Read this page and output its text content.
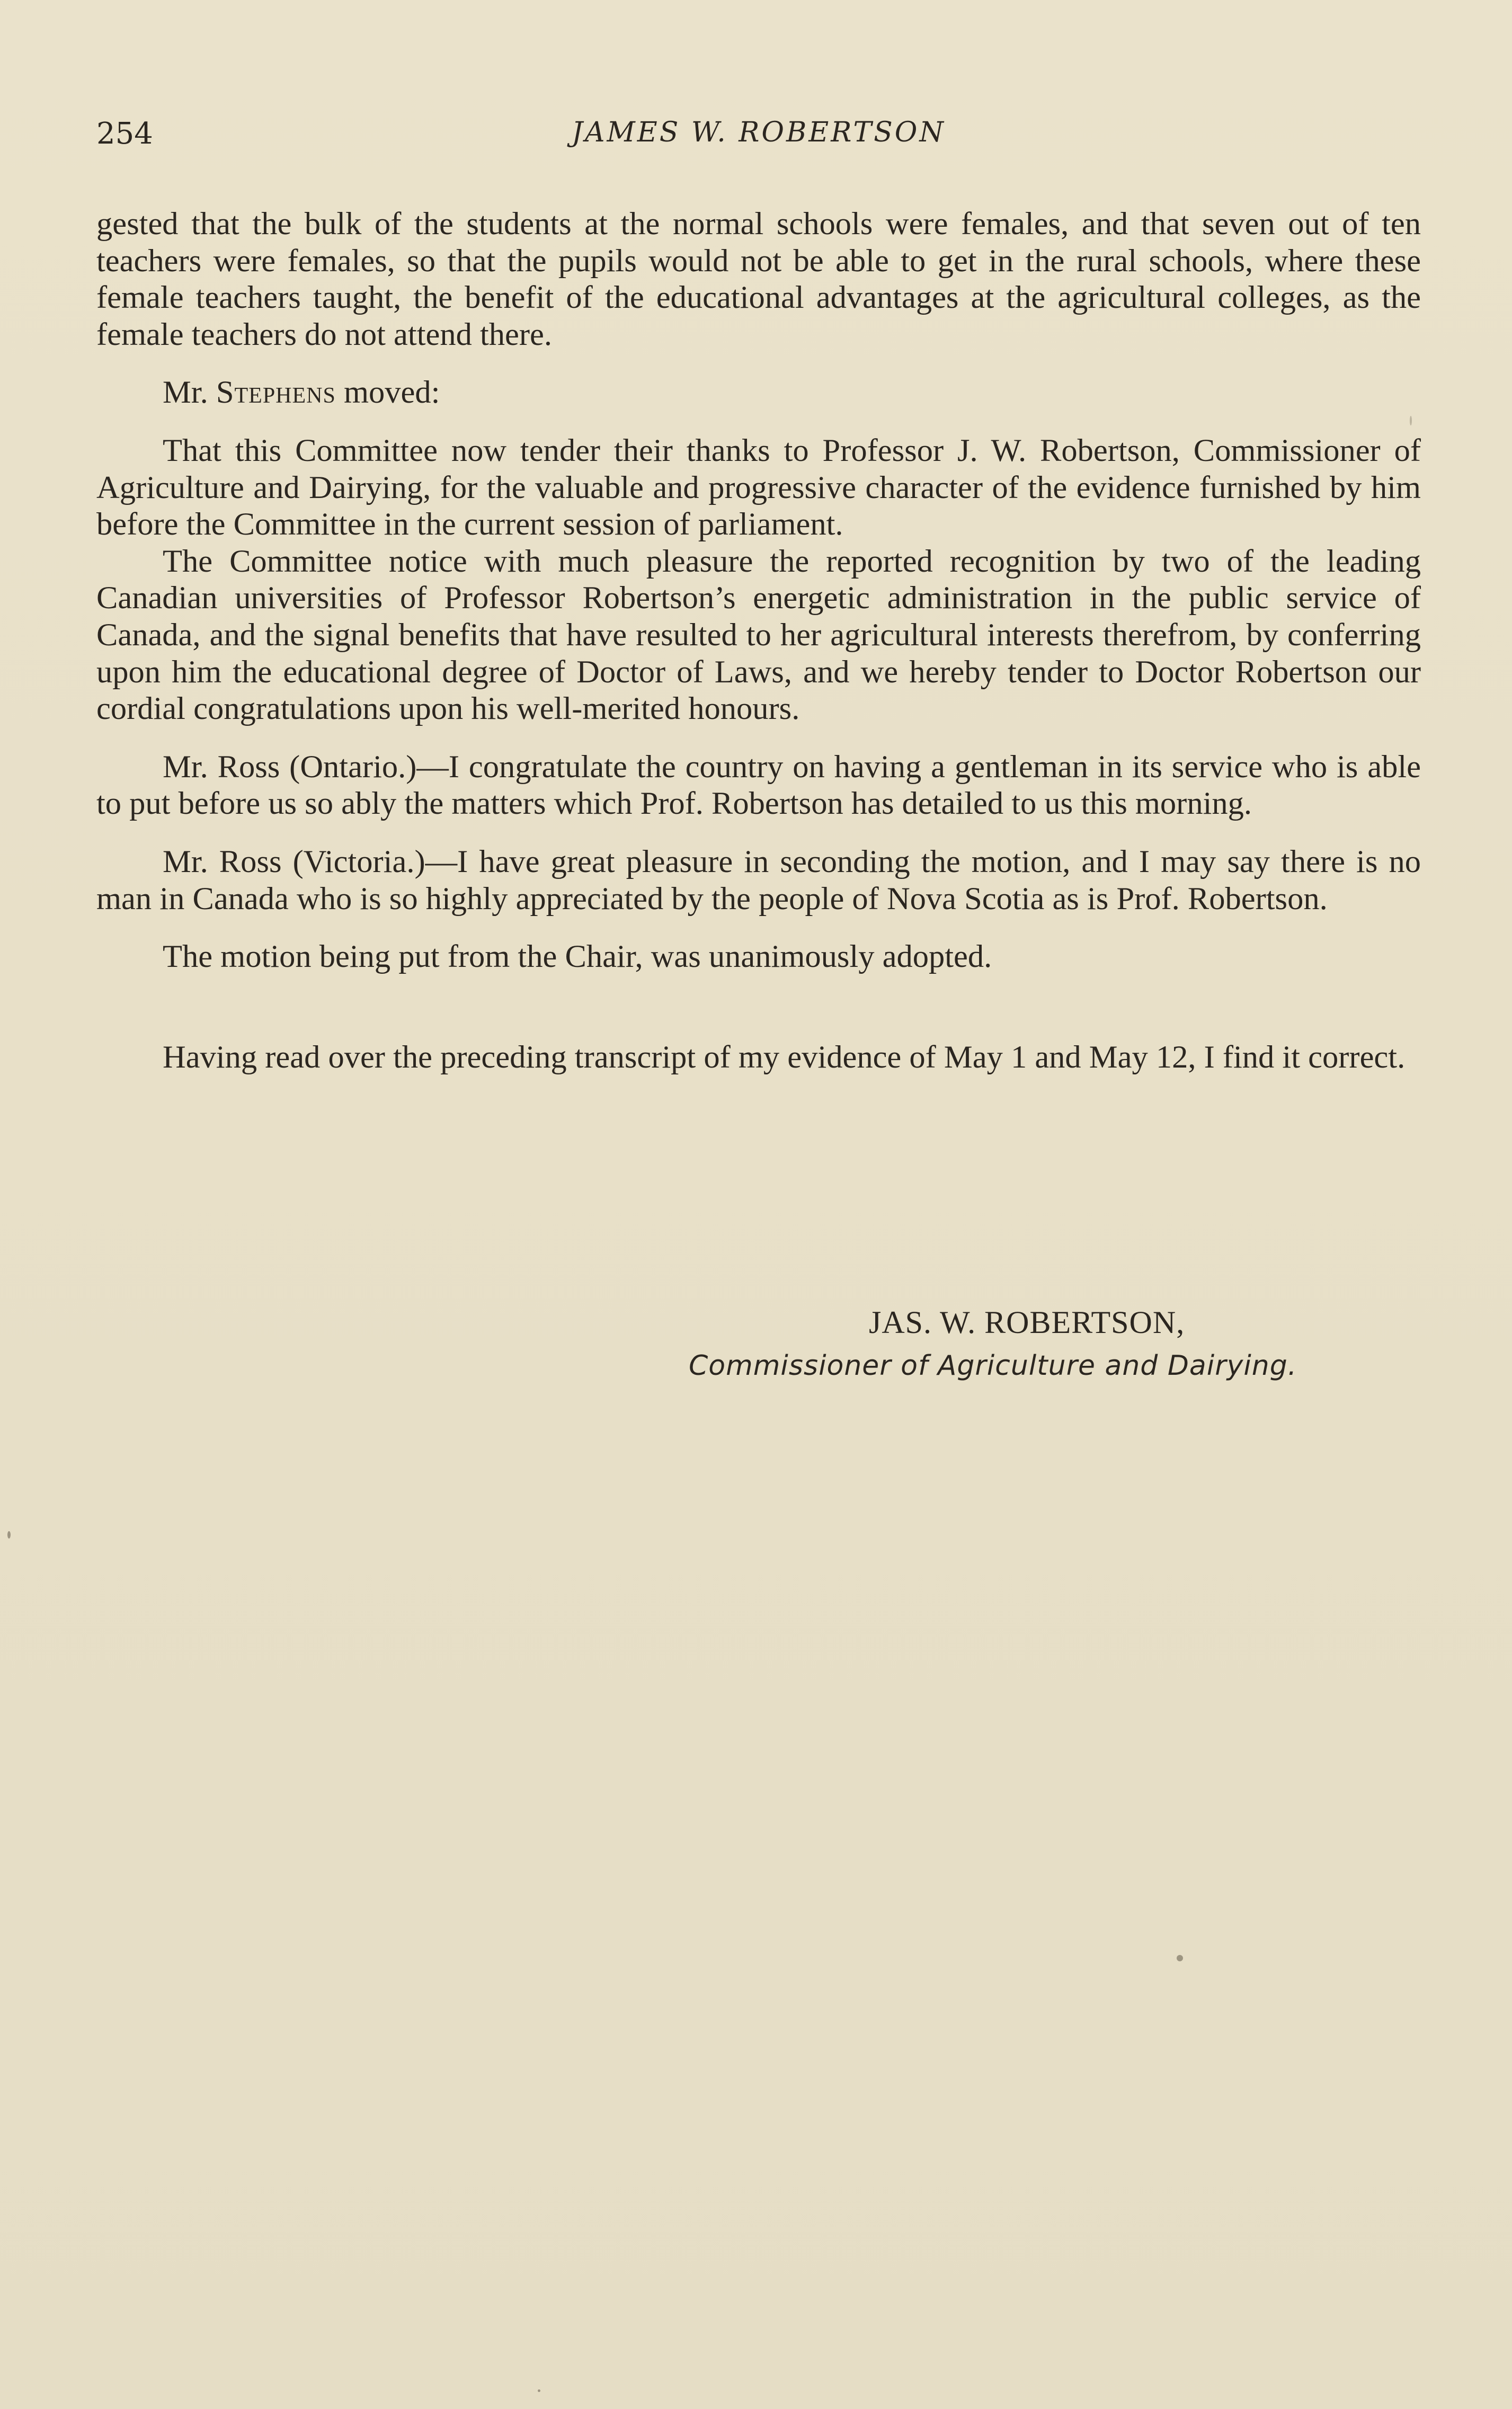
254	JAMES W. ROBERTSON

gested that the bulk of the students at the normal schools were females, and that seven out of ten teachers were females, so that the pupils would not be able to get in the rural schools, where these female teachers taught, the benefit of the educational advantages at the agricultural colleges, as the female teachers do not attend there.

Mr. Stephens moved:

That this Committee now tender their thanks to Professor J. W. Robertson, Commissioner of Agriculture and Dairying, for the valuable and progressive character of the evidence furnished by him before the Committee in the current session of parliament.

The Committee notice with much pleasure the reported recognition by two of the leading Canadian universities of Professor Robertson’s energetic administration in the public service of Canada, and the signal benefits that have resulted to her agricultural interests therefrom, by conferring upon him the educational degree of Doctor of Laws, and we hereby tender to Doctor Robertson our cordial congratulations upon his well-merited honours.

Mr. Ross (Ontario.)—I congratulate the country on having a gentleman in its service who is able to put before us so ably the matters which Prof. Robertson has detailed to us this morning.

Mr. Ross (Victoria.)—I have great pleasure in seconding the motion, and I may say there is no man in Canada who is so highly appreciated by the people of Nova Scotia as is Prof. Robertson.

The motion being put from the Chair, was unanimously adopted.

Having read over the preceding transcript of my evidence of May 1 and May 12, I find it correct.

JAS. W. ROBERTSON,
Commissioner of Agriculture and Dairying.
